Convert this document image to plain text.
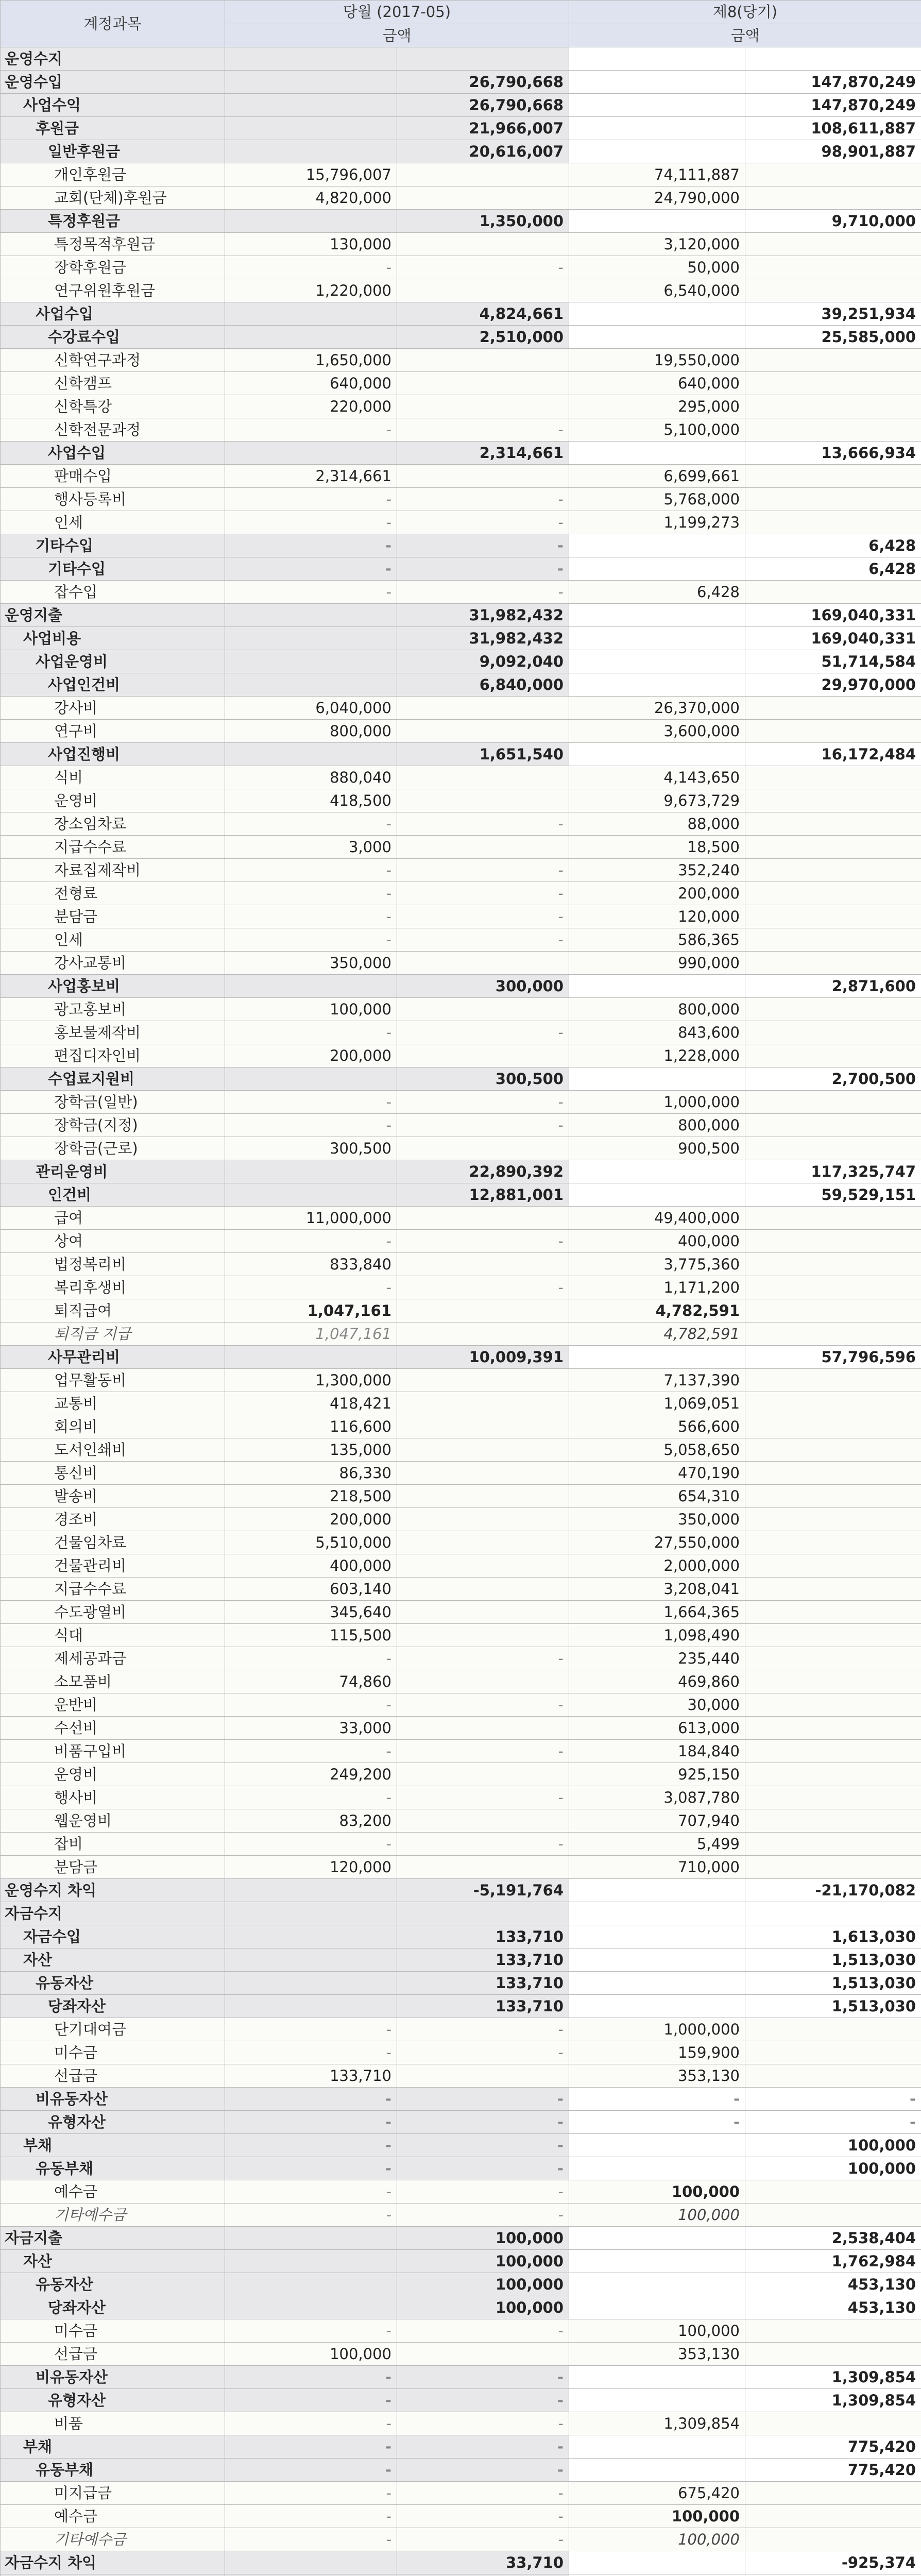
계정과목	당월 (2017-05)		제8(당기)	
	금액		금액	
운영수지				
운영수입		26,790,668		147,870,249
사업수익		26,790,668		147,870,249
후원금		21,966,007		108,611,887
일반후원금		20,616,007		98,901,887
개인후원금	15,796,007		74,111,887	
교회(단체)후원금	4,820,000		24,790,000	
특정후원금		1,350,000		9,710,000
특정목적후원금	130,000		3,120,000	
장학후원금	-	-	50,000	
연구위원후원금	1,220,000		6,540,000	
사업수입		4,824,661		39,251,934
수강료수입		2,510,000		25,585,000
신학연구과정	1,650,000		19,550,000	
신학캠프	640,000		640,000	
신학특강	220,000		295,000	
신학전문과정	-	-	5,100,000	
사업수입		2,314,661		13,666,934
판매수입	2,314,661		6,699,661	
행사등록비	-	-	5,768,000	
인세	-	-	1,199,273	
기타수입	-	-		6,428
기타수입	-	-		6,428
잡수입	-	-	6,428	
운영지출		31,982,432		169,040,331
사업비용		31,982,432		169,040,331
사업운영비		9,092,040		51,714,584
사업인건비		6,840,000		29,970,000
강사비	6,040,000		26,370,000	
연구비	800,000		3,600,000	
사업진행비		1,651,540		16,172,484
식비	880,040		4,143,650	
운영비	418,500		9,673,729	
장소임차료	-	-	88,000	
지급수수료	3,000		18,500	
자료집제작비	-	-	352,240	
전형료	-	-	200,000	
분담금	-	-	120,000	
인세	-	-	586,365	
강사교통비	350,000		990,000	
사업홍보비		300,000		2,871,600
광고홍보비	100,000		800,000	
홍보물제작비	-	-	843,600	
편집디자인비	200,000		1,228,000	
수업료지원비		300,500		2,700,500
장학금(일반)	-	-	1,000,000	
장학금(지정)	-	-	800,000	
장학금(근로)	300,500		900,500	
관리운영비		22,890,392		117,325,747
인건비		12,881,001		59,529,151
급여	11,000,000		49,400,000	
상여	-	-	400,000	
법정복리비	833,840		3,775,360	
복리후생비	-	-	1,171,200	
퇴직급여	1,047,161		4,782,591	
퇴직금 지급	1,047,161		4,782,591	
사무관리비		10,009,391		57,796,596
업무활동비	1,300,000		7,137,390	
교통비	418,421		1,069,051	
회의비	116,600		566,600	
도서인쇄비	135,000		5,058,650	
통신비	86,330		470,190	
발송비	218,500		654,310	
경조비	200,000		350,000	
건물임차료	5,510,000		27,550,000	
건물관리비	400,000		2,000,000	
지급수수료	603,140		3,208,041	
수도광열비	345,640		1,664,365	
식대	115,500		1,098,490	
제세공과금	-	-	235,440	
소모품비	74,860		469,860	
운반비	-	-	30,000	
수선비	33,000		613,000	
비품구입비	-	-	184,840	
운영비	249,200		925,150	
행사비	-	-	3,087,780	
웹운영비	83,200		707,940	
잡비	-	-	5,499	
분담금	120,000		710,000	
운영수지 차익		-5,191,764		-21,170,082
자금수지				
자금수입		133,710		1,613,030
자산		133,710		1,513,030
유동자산		133,710		1,513,030
당좌자산		133,710		1,513,030
단기대여금	-	-	1,000,000	
미수금	-	-	159,900	
선급금	133,710		353,130	
비유동자산	-	-	-	-
유형자산	-	-	-	-
부채	-	-		100,000
유동부채	-	-		100,000
예수금	-	-	100,000	
기타예수금	-	-	100,000	
자금지출		100,000		2,538,404
자산		100,000		1,762,984
유동자산		100,000		453,130
당좌자산		100,000		453,130
미수금	-	-	100,000	
선급금	100,000		353,130	
비유동자산	-	-		1,309,854
유형자산	-	-		1,309,854
비품	-	-	1,309,854	
부채	-	-		775,420
유동부채	-	-		775,420
미지급금	-	-	675,420	
예수금	-	-	100,000	
기타예수금	-	-	100,000	
자금수지 차익		33,710		-925,374
